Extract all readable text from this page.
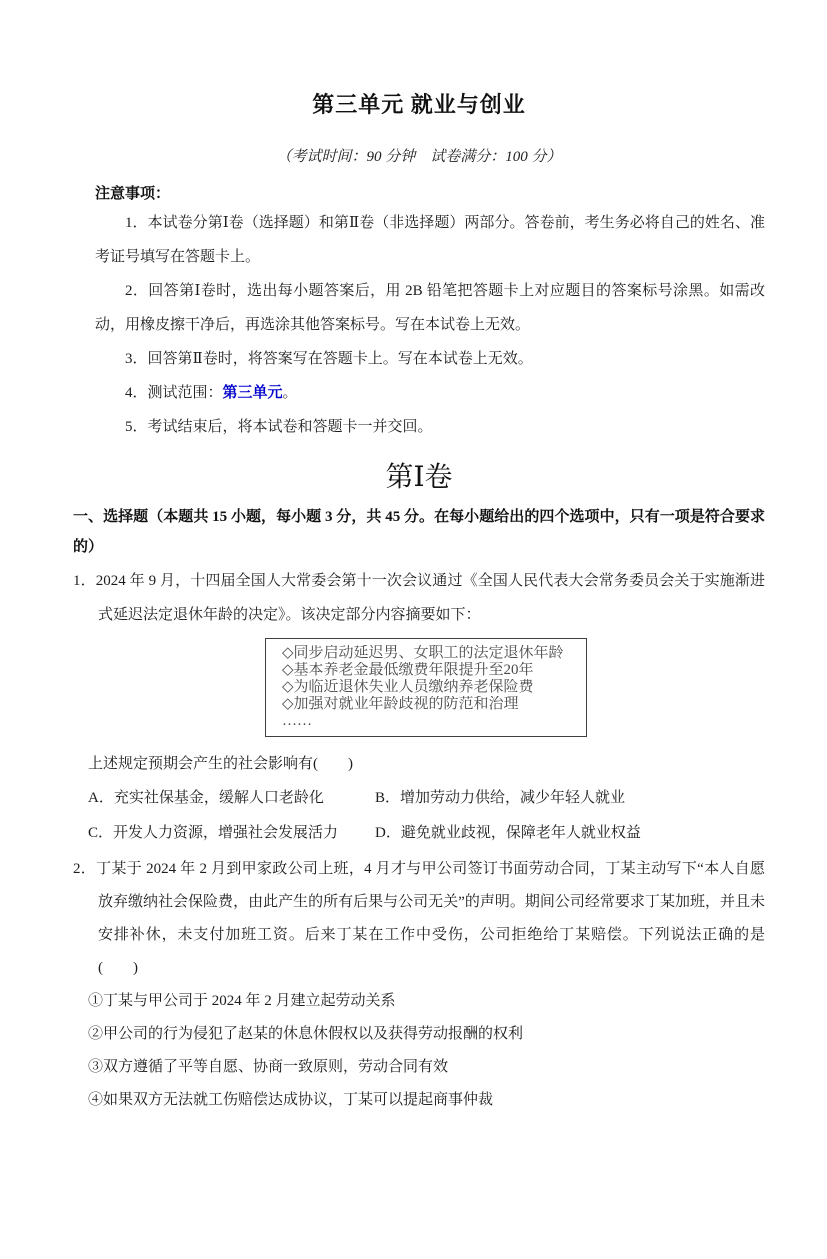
第三单元 就业与创业
（考试时间：90 分钟　试卷满分：100 分）
注意事项：
1．本试卷分第Ⅰ卷（选择题）和第Ⅱ卷（非选择题）两部分。答卷前，考生务必将自己的姓名、准考证号填写在答题卡上。
2．回答第Ⅰ卷时，选出每小题答案后，用 2B 铅笔把答题卡上对应题目的答案标号涂黑。如需改动，用橡皮擦干净后，再选涂其他答案标号。写在本试卷上无效。
3．回答第Ⅱ卷时，将答案写在答题卡上。写在本试卷上无效。
4．测试范围：第三单元。
5．考试结束后，将本试卷和答题卡一并交回。
第Ⅰ卷
一、选择题（本题共 15 小题，每小题 3 分，共 45 分。在每小题给出的四个选项中，只有一项是符合要求的）
1．2024 年 9 月，十四届全国人大常委会第十一次会议通过《全国人民代表大会常务委员会关于实施渐进式延迟法定退休年龄的决定》。该决定部分内容摘要如下：
◇同步启动延迟男、女职工的法定退休年龄
◇基本养老金最低缴费年限提升至20年
◇为临近退休失业人员缴纳养老保险费
◇加强对就业年龄歧视的防范和治理
……
上述规定预期会产生的社会影响有(　　)
A．充实社保基金，缓解人口老龄化	B．增加劳动力供给，减少年轻人就业
C．开发人力资源，增强社会发展活力	D．避免就业歧视，保障老年人就业权益
2．丁某于 2024 年 2 月到甲家政公司上班，4 月才与甲公司签订书面劳动合同，丁某主动写下“本人自愿放弃缴纳社会保险费，由此产生的所有后果与公司无关”的声明。期间公司经常要求丁某加班，并且未安排补休，未支付加班工资。后来丁某在工作中受伤，公司拒绝给丁某赔偿。下列说法正确的是(　　)
①丁某与甲公司于 2024 年 2 月建立起劳动关系
②甲公司的行为侵犯了赵某的休息休假权以及获得劳动报酬的权利
③双方遵循了平等自愿、协商一致原则，劳动合同有效
④如果双方无法就工伤赔偿达成协议，丁某可以提起商事仲裁
